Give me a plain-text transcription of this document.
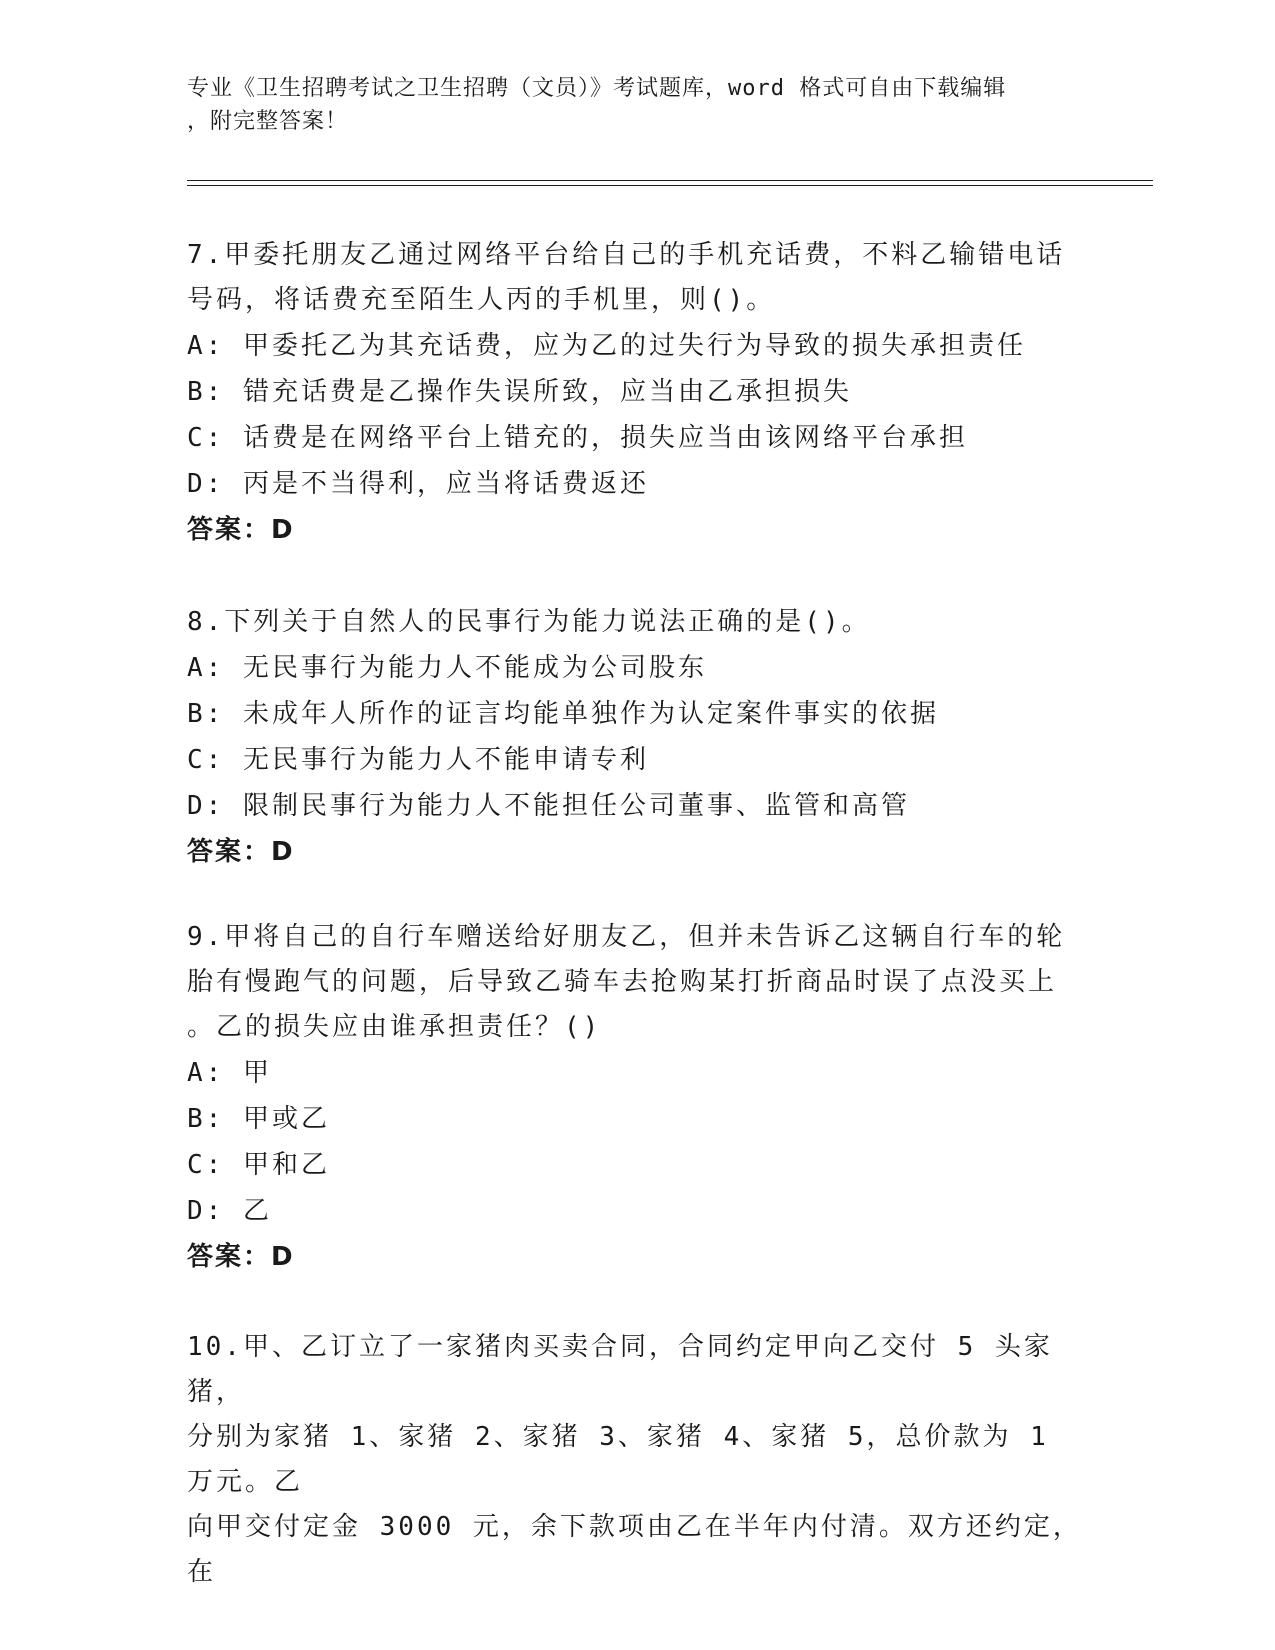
专业《卫生招聘考试之卫生招聘（文员）》考试题库，word 格式可自由下载编辑

，附完整答案！

7.甲委托朋友乙通过网络平台给自己的手机充话费，不料乙输错电话
号码，将话费充至陌生人丙的手机里，则()。

A: 甲委托乙为其充话费，应为乙的过失行为导致的损失承担责任

B: 错充话费是乙操作失误所致，应当由乙承担损失

C: 话费是在网络平台上错充的，损失应当由该网络平台承担

D: 丙是不当得利，应当将话费返还

答案：D

8.下列关于自然人的民事行为能力说法正确的是()。

A: 无民事行为能力人不能成为公司股东

B: 未成年人所作的证言均能单独作为认定案件事实的依据

C: 无民事行为能力人不能申请专利

D: 限制民事行为能力人不能担任公司董事、监管和高管

答案：D

9.甲将自己的自行车赠送给好朋友乙，但并未告诉乙这辆自行车的轮
胎有慢跑气的问题，后导致乙骑车去抢购某打折商品时误了点没买上
。乙的损失应由谁承担责任？()

A: 甲

B: 甲或乙

C: 甲和乙

D: 乙

答案：D

10.甲、乙订立了一家猪肉买卖合同，合同约定甲向乙交付 5 头家猪，
分别为家猪 1、家猪 2、家猪 3、家猪 4、家猪 5，总价款为 1 万元。乙
向甲交付定金 3000 元，余下款项由乙在半年内付清。双方还约定，在
